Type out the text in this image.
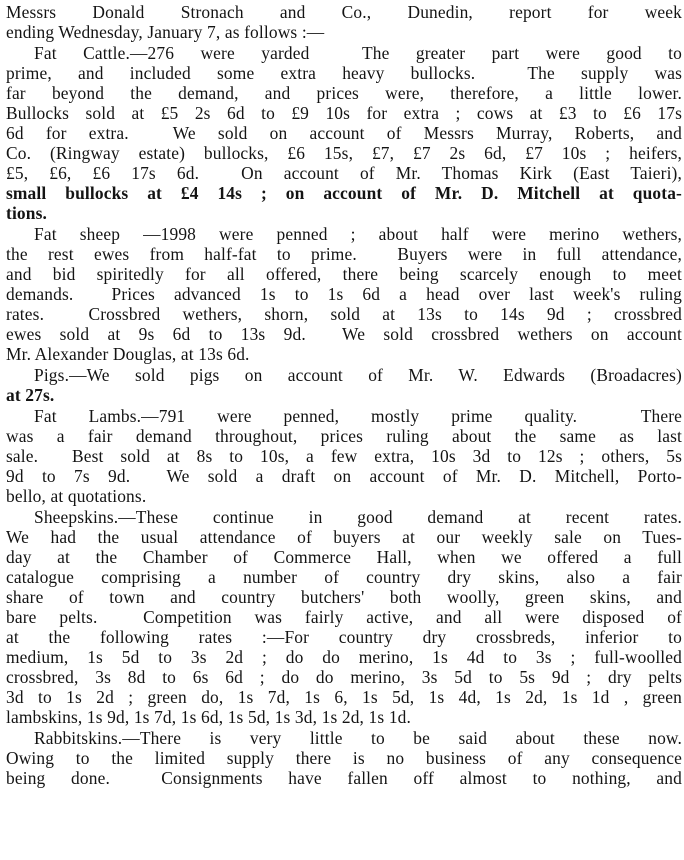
Messrs Donald Stronach and Co., Dunedin, report for week
ending Wednesday, January 7, as follows :—
Fat Cattle.—276 were yarded  The greater part were good to
prime, and included some extra heavy bullocks.  The supply was
far beyond the demand, and prices were, therefore, a little lower.
Bullocks sold at £5 2s 6d to £9 10s for extra ; cows at £3 to £6 17s
6d for extra.  We sold on account of Messrs Murray, Roberts, and
Co. (Ringway estate) bullocks, £6 15s, £7, £7 2s 6d, £7 10s ; heifers,
£5, £6, £6 17s 6d.  On account of Mr. Thomas Kirk (East Taieri),
small bullocks at £4 14s ; on account of Mr. D. Mitchell at quota-
tions.
Fat sheep —1998 were penned ; about half were merino wethers,
the rest ewes from half-fat to prime.  Buyers were in full attendance,
and bid spiritedly for all offered, there being scarcely enough to meet
demands.  Prices advanced 1s to 1s 6d a head over last week's ruling
rates.  Crossbred wethers, shorn, sold at 13s to 14s 9d ; crossbred
ewes sold at 9s 6d to 13s 9d.  We sold crossbred wethers on account
Mr. Alexander Douglas, at 13s 6d.
Pigs.—We sold pigs on account of Mr. W. Edwards (Broadacres)
at 27s.
Fat Lambs.—791 were penned, mostly prime quality.  There
was a fair demand throughout, prices ruling about the same as last
sale.  Best sold at 8s to 10s, a few extra, 10s 3d to 12s ; others, 5s
9d to 7s 9d.  We sold a draft on account of Mr. D. Mitchell, Porto-
bello, at quotations.
Sheepskins.—These continue in good demand at recent rates.
We had the usual attendance of buyers at our weekly sale on Tues-
day at the Chamber of Commerce Hall, when we offered a full
catalogue comprising a number of country dry skins, also a fair
share of town and country butchers' both woolly, green skins, and
bare pelts.  Competition was fairly active, and all were disposed of
at the following rates :—For country dry crossbreds, inferior to
medium, 1s 5d to 3s 2d ; do do merino, 1s 4d to 3s ; full-woolled
crossbred, 3s 8d to 6s 6d ; do do merino, 3s 5d to 5s 9d ; dry pelts
3d to 1s 2d ; green do, 1s 7d, 1s 6, 1s 5d, 1s 4d, 1s 2d, 1s 1d , green
lambskins, 1s 9d, 1s 7d, 1s 6d, 1s 5d, 1s 3d, 1s 2d, 1s 1d.
Rabbitskins.—There is very little to be said about these now.
Owing to the limited supply there is no business of any consequence
being done.  Consignments have fallen off almost to nothing, and
